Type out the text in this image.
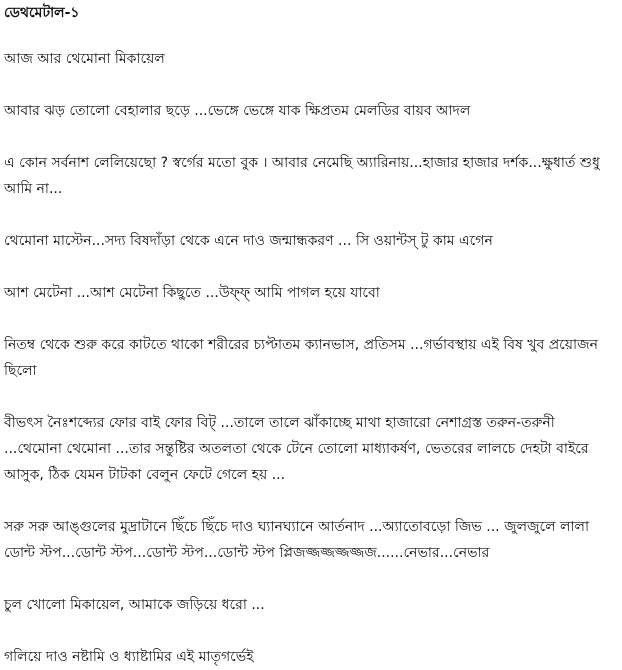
ডেথমেটাল-১

আজ আর থেমোনা মিকায়েল

আবার ঝড় তোলো বেহালার ছড়ে ...ভেঙ্গে ভেঙ্গে যাক ক্ষিপ্রতম মেলডির বায়ব আদল

এ কোন সর্বনাশ লেলিয়েছো ? স্বর্গের মতো বুক । আবার নেমেছি অ্যারিনায়...হাজার হাজার দর্শক...ক্ষুধার্ত শুধু আমি না...

থেমোনা মাস্টেন...সদ্য বিষদাঁড়া থেকে এনে দাও জন্মান্ধকরণ ... সি ওয়ান্টস্ টু কাম এগেন

আশ মেটেনা ...আশ মেটেনা কিছুতে ...উফ্ফ্ আমি পাগল হয়ে যাবো

নিতম্ব থেকে শুরু করে কাটতে থাকো শরীরের চ্যপ্টাতম ক্যানভাস, প্রতিসম ...গর্ভাবস্থায় এই বিষ খুব প্রয়োজন ছিলো

বীভৎস নৈঃশব্দ্যের ফোর বাই ফোর বিট্ ...তালে তালে ঝাঁকাচ্ছে মাথা হাজারো নেশাগ্রস্ত তরুন-তরুনী ...থেমোনা থেমোনা ...তার সন্তুষ্টির অতলতা থেকে টেনে তোলো মাধ্যাকর্ষণ, ভেতরের লালচে দেহটা বাইরে আসুক, ঠিক যেমন টাটকা বেলুন ফেটে গেলে হয় ...

সরু সরু আঙ্গুলের মুদ্রাটানে ছিঁচে ছিঁচে দাও ঘ্যানঘ্যানে আর্তনাদ ...অ্যাতোবড়ো জিভ ... জুলজুলে লালা ডোন্ট স্টপ...ডোন্ট স্টপ...ডোন্ট স্টপ...ডোন্ট স্টপ প্লিজজ্জজ্জজ্জজ্জজ......নেভার...নেভার

চুল খোলো মিকায়েল, আমাকে জড়িয়ে ধরো ...

গলিয়ে দাও নষ্টামি ও ধ্যাষ্টামির এই মাতৃগর্ভেই
